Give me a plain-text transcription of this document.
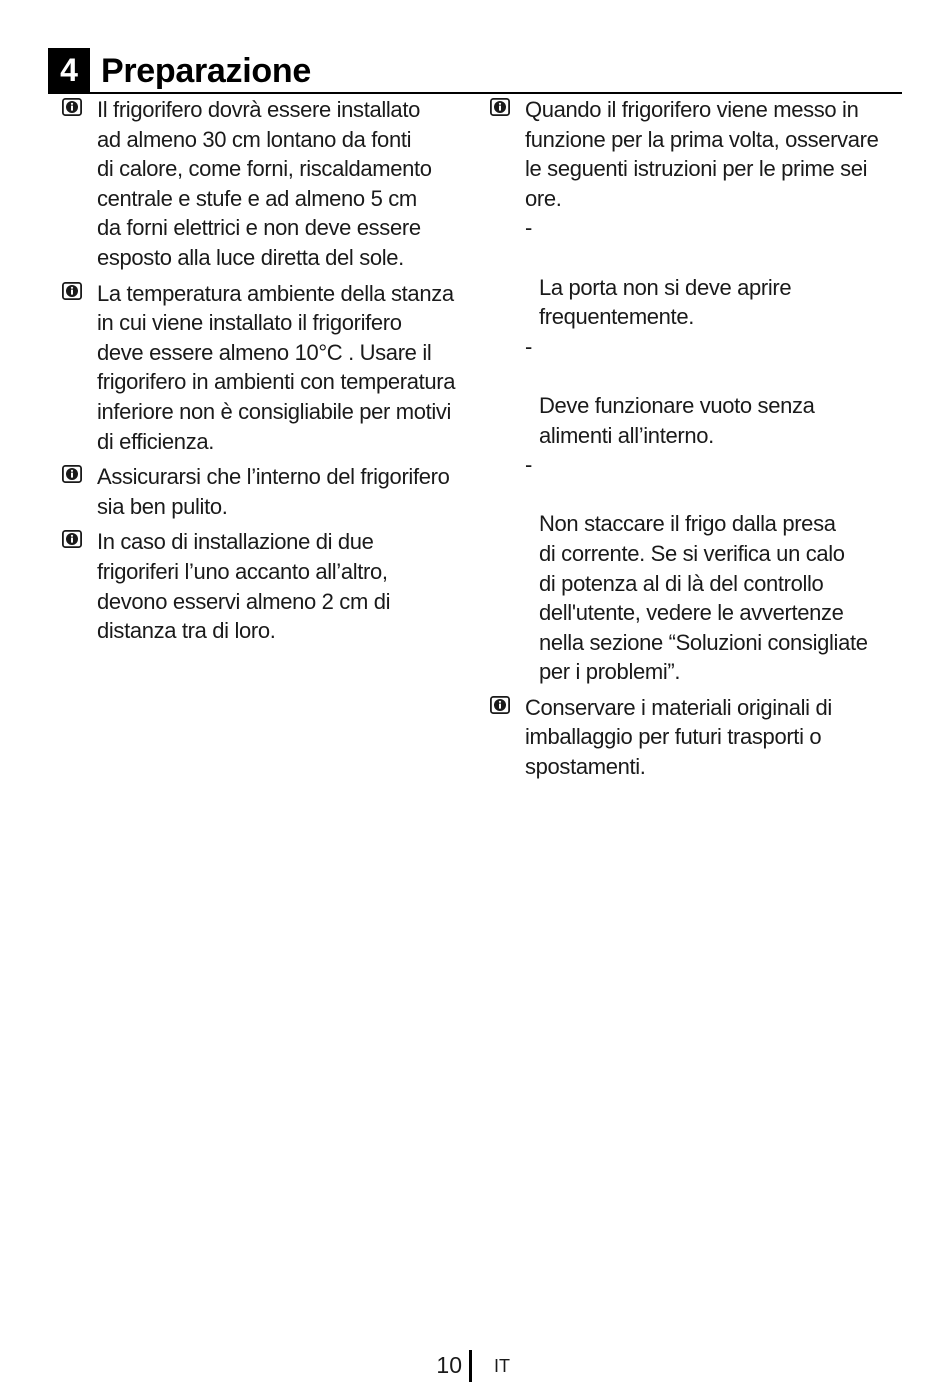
4 Preparazione
Il frigorifero dovrà essere installato
ad almeno 30 cm lontano da fonti
di calore, come forni, riscaldamento
centrale e stufe e ad almeno 5 cm
da forni elettrici e non deve essere
esposto alla luce diretta del sole.
La temperatura ambiente della stanza
in cui viene installato il frigorifero
deve essere almeno 10°C . Usare il
frigorifero in ambienti con temperatura
inferiore non è consigliabile per motivi
di efficienza.
Assicurarsi che l’interno del frigorifero
sia ben pulito.
In caso di installazione di due
frigoriferi l’uno accanto all’altro,
devono esservi almeno 2 cm di
distanza tra di loro.
Quando il frigorifero viene messo in
funzione per la prima volta, osservare
le seguenti istruzioni per le prime sei
ore.

-

La porta non si deve aprire
frequentemente.

-

Deve funzionare vuoto senza
alimenti all’interno.

-

Non staccare il frigo dalla presa
di corrente. Se si verifica un calo
di potenza al di là del controllo
dell'utente, vedere le avvertenze
nella sezione “Soluzioni consigliate
per i problemi”.

Conservare i materiali originali di
imballaggio per futuri trasporti o
spostamenti.
10 IT
